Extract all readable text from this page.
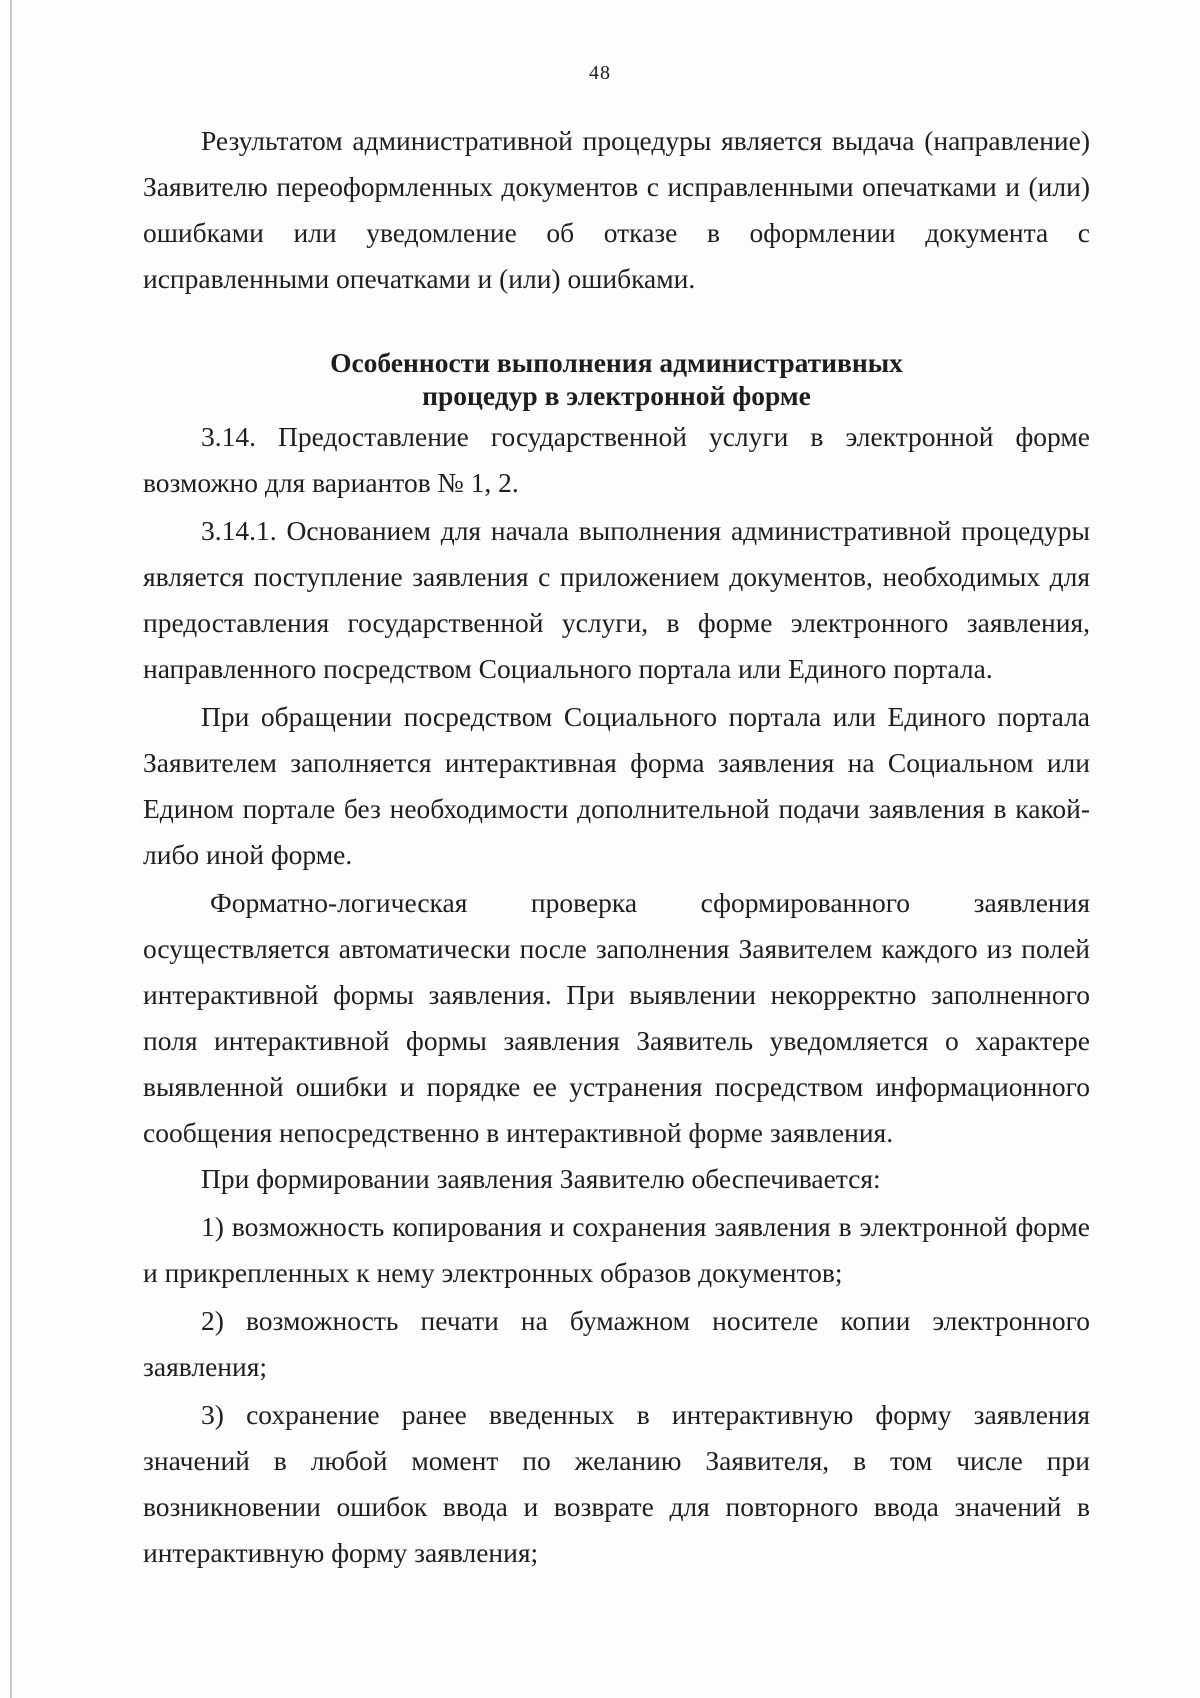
48

Результатом административной процедуры является выдача (направление) Заявителю переоформленных документов с исправленными опечатками и (или) ошибками или уведомление об отказе в оформлении документа с исправленными опечатками и (или) ошибками.

Особенности выполнения административных
процедур в электронной форме

3.14. Предоставление государственной услуги в электронной форме возможно для вариантов № 1, 2.

3.14.1. Основанием для начала выполнения административной процедуры является поступление заявления с приложением документов, необходимых для предоставления государственной услуги, в форме электронного заявления, направленного посредством Социального портала или Единого портала.

При обращении посредством Социального портала или Единого портала Заявителем заполняется интерактивная форма заявления на Социальном или Едином портале без необходимости дополнительной подачи заявления в какой-либо иной форме.

Форматно-логическая проверка сформированного заявления

осуществляется автоматически после заполнения Заявителем каждого из полей интерактивной формы заявления. При выявлении некорректно заполненного поля интерактивной формы заявления Заявитель уведомляется о характере выявленной ошибки и порядке ее устранения посредством информационного сообщения непосредственно в интерактивной форме заявления.

При формировании заявления Заявителю обеспечивается:

1) возможность копирования и сохранения заявления в электронной форме и прикрепленных к нему электронных образов документов;

2) возможность печати на бумажном носителе копии электронного заявления;

3) сохранение ранее введенных в интерактивную форму заявления значений в любой момент по желанию Заявителя, в том числе при возникновении ошибок ввода и возврате для повторного ввода значений в интерактивную форму заявления;
